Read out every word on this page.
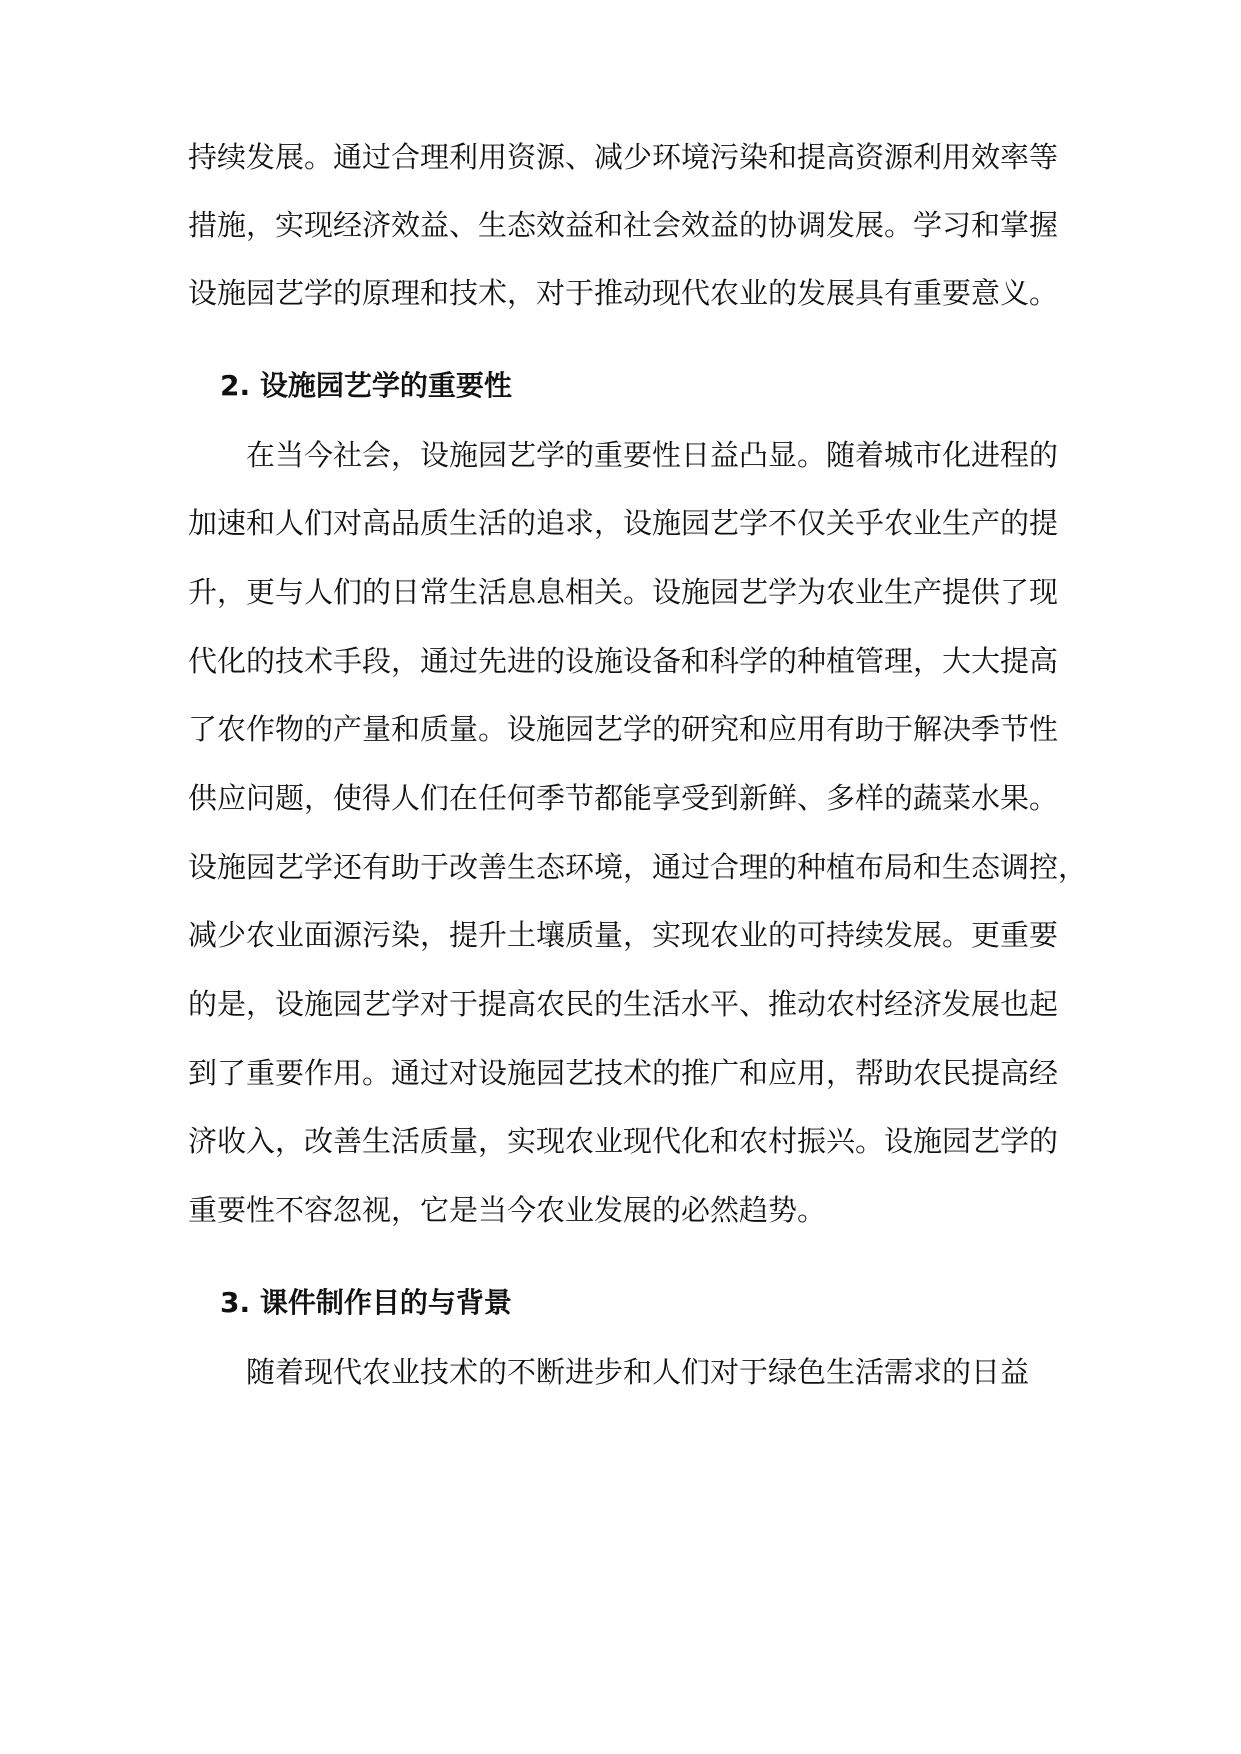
持续发展。通过合理利用资源、减少环境污染和提高资源利用效率等
措施，实现经济效益、生态效益和社会效益的协调发展。学习和掌握
设施园艺学的原理和技术，对于推动现代农业的发展具有重要意义。
2. 设施园艺学的重要性
在当今社会，设施园艺学的重要性日益凸显。随着城市化进程的
加速和人们对高品质生活的追求，设施园艺学不仅关乎农业生产的提
升，更与人们的日常生活息息相关。设施园艺学为农业生产提供了现
代化的技术手段，通过先进的设施设备和科学的种植管理，大大提高
了农作物的产量和质量。设施园艺学的研究和应用有助于解决季节性
供应问题，使得人们在任何季节都能享受到新鲜、多样的蔬菜水果。
设施园艺学还有助于改善生态环境，通过合理的种植布局和生态调控，
减少农业面源污染，提升土壤质量，实现农业的可持续发展。更重要
的是，设施园艺学对于提高农民的生活水平、推动农村经济发展也起
到了重要作用。通过对设施园艺技术的推广和应用，帮助农民提高经
济收入，改善生活质量，实现农业现代化和农村振兴。设施园艺学的
重要性不容忽视，它是当今农业发展的必然趋势。
3. 课件制作目的与背景
随着现代农业技术的不断进步和人们对于绿色生活需求的日益
